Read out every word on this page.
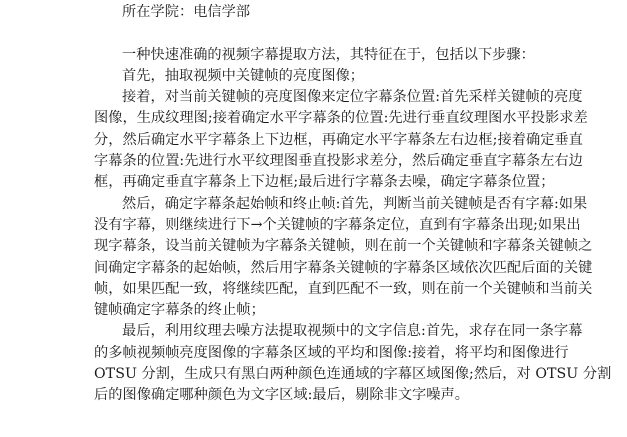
所在学院：电信学部
一种快速准确的视频字幕提取方法，其特征在于，包括以下步骤：
首先，抽取视频中关键帧的亮度图像；
接着，对当前关键帧的亮度图像来定位字幕条位置:首先采样关键帧的亮度
图像，生成纹理图;接着确定水平字幕条的位置:先进行垂直纹理图水平投影求差
分，然后确定水平字幕条上下边框，再确定水平字幕条左右边框;接着确定垂直
字幕条的位置:先进行水平纹理图垂直投影求差分，然后确定垂直字幕条左右边
框，再确定垂直字幕条上下边框;最后进行字幕条去噪，确定字幕条位置；
然后，确定字幕条起始帧和终止帧:首先，判断当前关键帧是否有字幕:如果
没有字幕，则继续进行下→个关键帧的字幕条定位，直到有字幕条出现;如果出
现字幕条，设当前关键帧为字幕条关键帧，则在前一个关键帧和字幕条关键帧之
间确定字幕条的起始帧，然后用字幕条关键帧的字幕条区域依次匹配后面的关键
帧，如果匹配一致，将继续匹配，直到匹配不一致，则在前一个关键帧和当前关
键帧确定字幕条的终止帧；
最后，利用纹理去噪方法提取视频中的文字信息:首先，求存在同一条字幕
的多帧视频帧亮度图像的字幕条区域的平均和图像:接着，将平均和图像进行
OTSU 分割，生成只有黑白两种颜色连通域的字幕区域图像;然后，对 OTSU 分割
后的图像确定哪种颜色为文字区域:最后，剔除非文字噪声。
